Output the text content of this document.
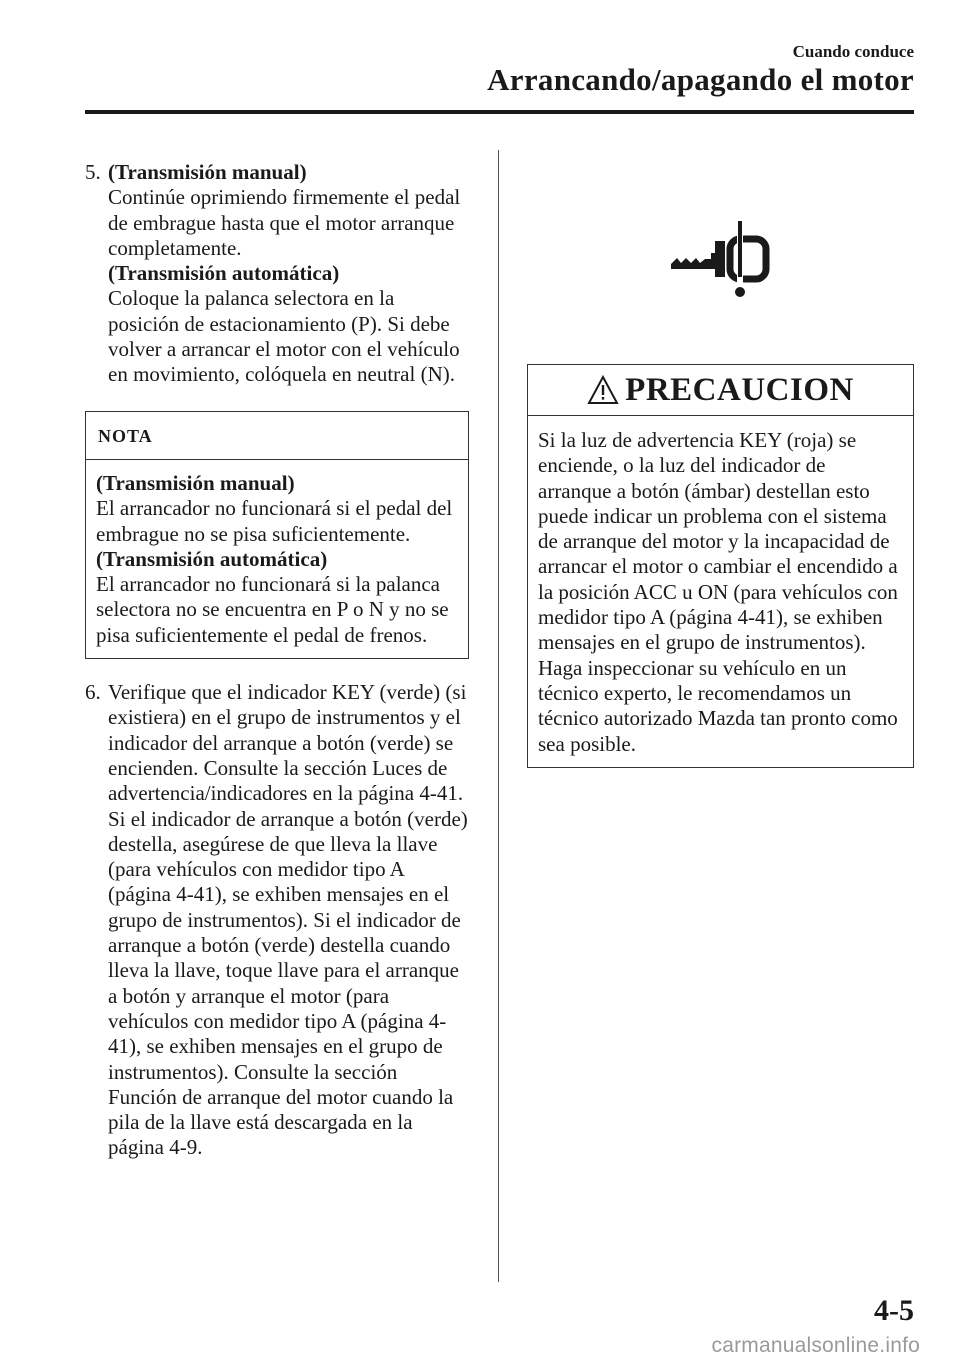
Cuando conduce
Arrancando/apagando el motor
5. (Transmisión manual)
Continúe oprimiendo firmemente el pedal de embrague hasta que el motor arranque completamente.
(Transmisión automática)
Coloque la palanca selectora en la posición de estacionamiento (P). Si debe volver a arrancar el motor con el vehículo en movimiento, colóquela en neutral (N).
NOTA
(Transmisión manual)
El arrancador no funcionará si el pedal del embrague no se pisa suficientemente.
(Transmisión automática)
El arrancador no funcionará si la palanca selectora no se encuentra en P o N y no se pisa suficientemente el pedal de frenos.
6. Verifique que el indicador KEY (verde) (si existiera) en el grupo de instrumentos y el indicador del arranque a botón (verde) se encienden. Consulte la sección Luces de advertencia/indicadores en la página 4-41. Si el indicador de arranque a botón (verde) destella, asegúrese de que lleva la llave (para vehículos con medidor tipo A (página 4-41), se exhiben mensajes en el grupo de instrumentos). Si el indicador de arranque a botón (verde) destella cuando lleva la llave, toque llave para el arranque a botón y arranque el motor (para vehículos con medidor tipo A (página 4-41), se exhiben mensajes en el grupo de instrumentos). Consulte la sección Función de arranque del motor cuando la pila de la llave está descargada en la página 4-9.
PRECAUCION
Si la luz de advertencia KEY (roja) se enciende, o la luz del indicador de arranque a botón (ámbar) destellan esto puede indicar un problema con el sistema de arranque del motor y la incapacidad de arrancar el motor o cambiar el encendido a la posición ACC u ON (para vehículos con medidor tipo A (página 4-41), se exhiben mensajes en el grupo de instrumentos). Haga inspeccionar su vehículo en un técnico experto, le recomendamos un técnico autorizado Mazda tan pronto como sea posible.
4-5
carmanualsonline.info
